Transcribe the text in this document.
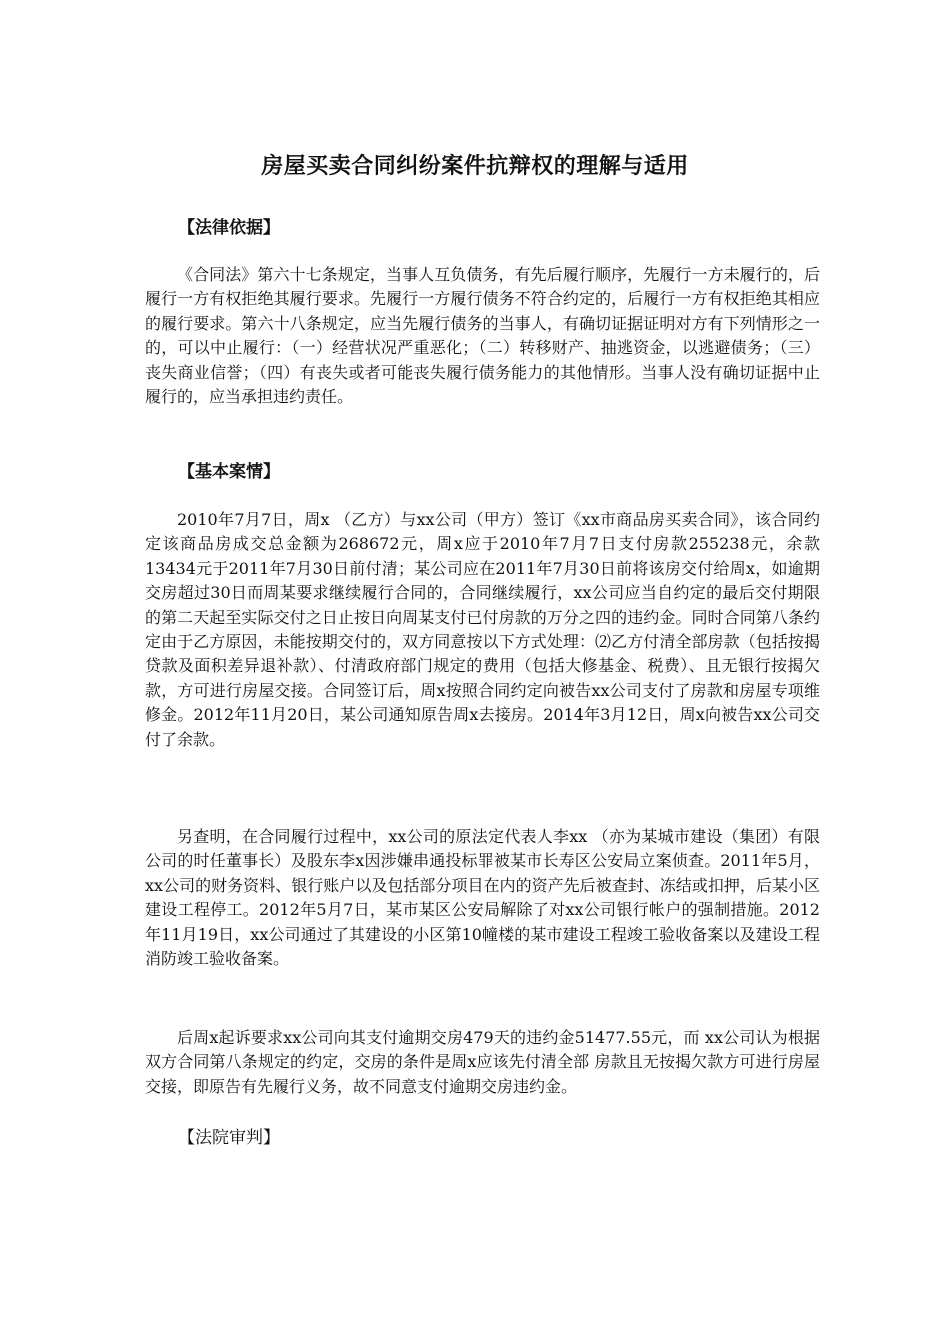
房屋买卖合同纠纷案件抗辩权的理解与适用
【法律依据】

《合同法》第六十七条规定，当事人互负债务，有先后履行顺序，先履行一方未履行的，后履行一方有权拒绝其履行要求。先履行一方履行债务不符合约定的，后履行一方有权拒绝其相应的履行要求。第六十八条规定，应当先履行债务的当事人，有确切证据证明对方有下列情形之一的，可以中止履行：（一）经营状况严重恶化；（二）转移财产、抽逃资金，以逃避债务；（三）丧失商业信誉；（四）有丧失或者可能丧失履行债务能力的其他情形。当事人没有确切证据中止 履行的，应当承担违约责任。

【基本案情】

2010年7月7日，周x （乙方）与xx公司（甲方）签订《xx市商品房买卖合同》，该合同约定该商品房成交总金额为268672元，周x应于2010年7月7日支付房款255238元，余款13434元于2011年7月30日前付清；某公司应在2011年7月30日前将该房交付给周x，如逾期交房超过30日而周某要求继续履行合同的，合同继续履行，xx公司应当自约定的最后交付期限的第二天起至实际交付之日止按日向周某支付已付房款的万分之四的违约金。同时合同第八条约定由于乙方原因，未能按期交付的，双方同意按以下方式处理：⑵乙方付清全部房款（包括按揭贷款及面积差异退补款）、付清政府部门规定的费用（包括大修基金、税费）、且无银行按揭欠款，方可进行房屋交接。合同签订后，周x按照合同约定向被告xx公司支付了房款和房屋专项维修金。2012年11月20日，某公司通知原告周x去接房。2014年3月12日，周x向被告xx公司交付了余款。

另查明，在合同履行过程中，xx公司的原法定代表人李xx （亦为某城市建设（集团）有限公司的时任董事长）及股东李x因涉嫌串通投标罪被某市长寿区公安局立案侦查。2011年5月，xx公司的财务资料、银行账户以及包括部分项目在内的资产先后被查封、冻结或扣押，后某小区建设工程停工。2012年5月7日，某市某区公安局解除了对xx公司银行帐户的强制措施。2012年11月19日，xx公司通过了其建设的小区第10幢楼的某市建设工程竣工验收备案以及建设工程消防竣工验收备案。

后周x起诉要求xx公司向其支付逾期交房479天的违约金51477.55元，而 xx公司认为根据双方合同第八条规定的约定，交房的条件是周x应该先付清全部 房款且无按揭欠款方可进行房屋交接，即原告有先履行义务，故不同意支付逾期交房违约金。

【法院审判】
